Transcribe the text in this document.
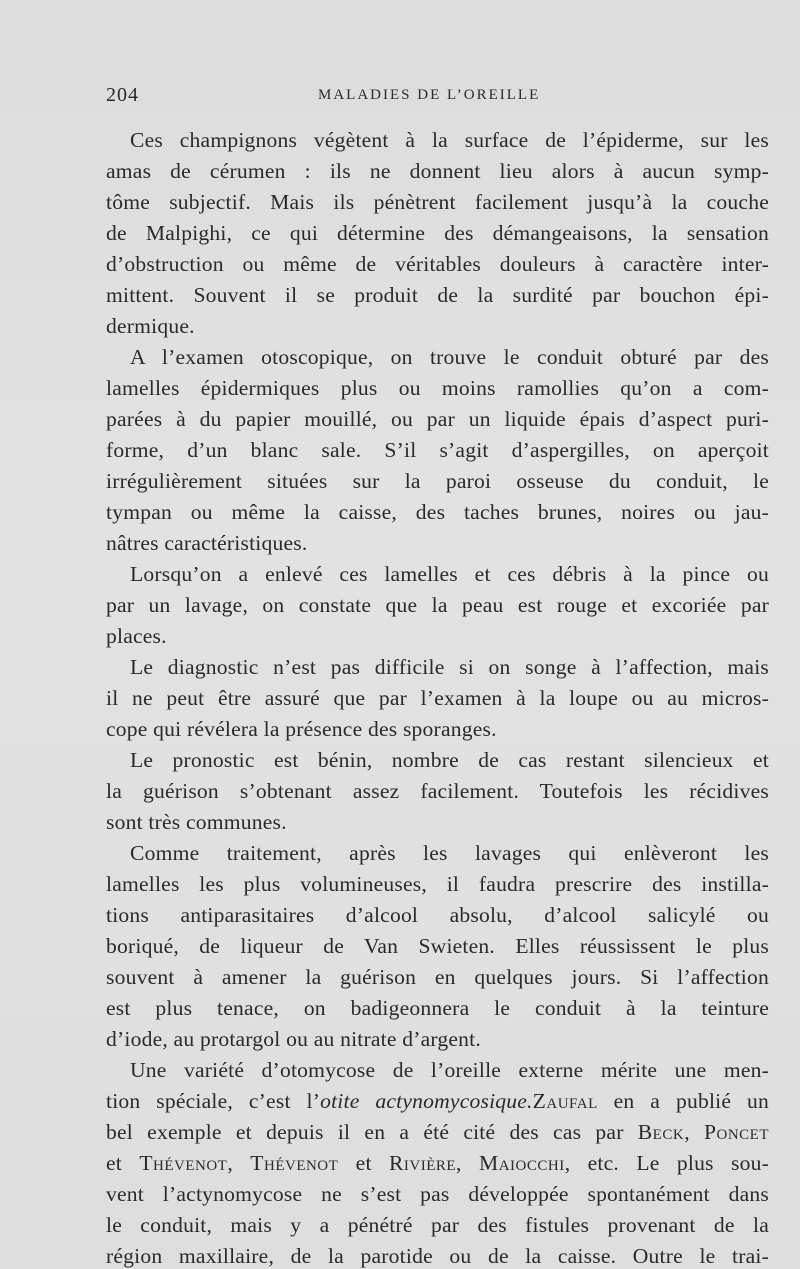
204	MALADIES DE L’OREILLE
Ces champignons végètent à la surface de l’épiderme, sur les
amas de cérumen : ils ne donnent lieu alors à aucun symp-
tôme subjectif. Mais ils pénètrent facilement jusqu’à la couche
de Malpighi, ce qui détermine des démangeaisons, la sensation
d’obstruction ou même de véritables douleurs à caractère inter-
mittent. Souvent il se produit de la surdité par bouchon épi-
dermique.
A l’examen otoscopique, on trouve le conduit obturé par des
lamelles épidermiques plus ou moins ramollies qu’on a com-
parées à du papier mouillé, ou par un liquide épais d’aspect puri-
forme, d’un blanc sale. S’il s’agit d’aspergilles, on aperçoit
irrégulièrement situées sur la paroi osseuse du conduit, le
tympan ou même la caisse, des taches brunes, noires ou jau-
nâtres caractéristiques.
Lorsqu’on a enlevé ces lamelles et ces débris à la pince ou
par un lavage, on constate que la peau est rouge et excoriée par
places.
Le diagnostic n’est pas difficile si on songe à l’affection, mais
il ne peut être assuré que par l’examen à la loupe ou au micros-
cope qui révélera la présence des sporanges.
Le pronostic est bénin, nombre de cas restant silencieux et
la guérison s’obtenant assez facilement. Toutefois les récidives
sont très communes.
Comme traitement, après les lavages qui enlèveront les
lamelles les plus volumineuses, il faudra prescrire des instilla-
tions antiparasitaires d’alcool absolu, d’alcool salicylé ou
boriqué, de liqueur de Van Swieten. Elles réussissent le plus
souvent à amener la guérison en quelques jours. Si l’affection
est plus tenace, on badigeonnera le conduit à la teinture
d’iode, au protargol ou au nitrate d’argent.
Une variété d’otomycose de l’oreille externe mérite une men-
tion spéciale, c’est l’otite actynomycosique.Zaufal en a publié un
bel exemple et depuis il en a été cité des cas par Beck, Poncet
et Thévenot, Thévenot et Rivière, Maiocchi, etc. Le plus sou-
vent l’actynomycose ne s’est pas développée spontanément dans
le conduit, mais y a pénétré par des fistules provenant de la
région maxillaire, de la parotide ou de la caisse. Outre le trai-
